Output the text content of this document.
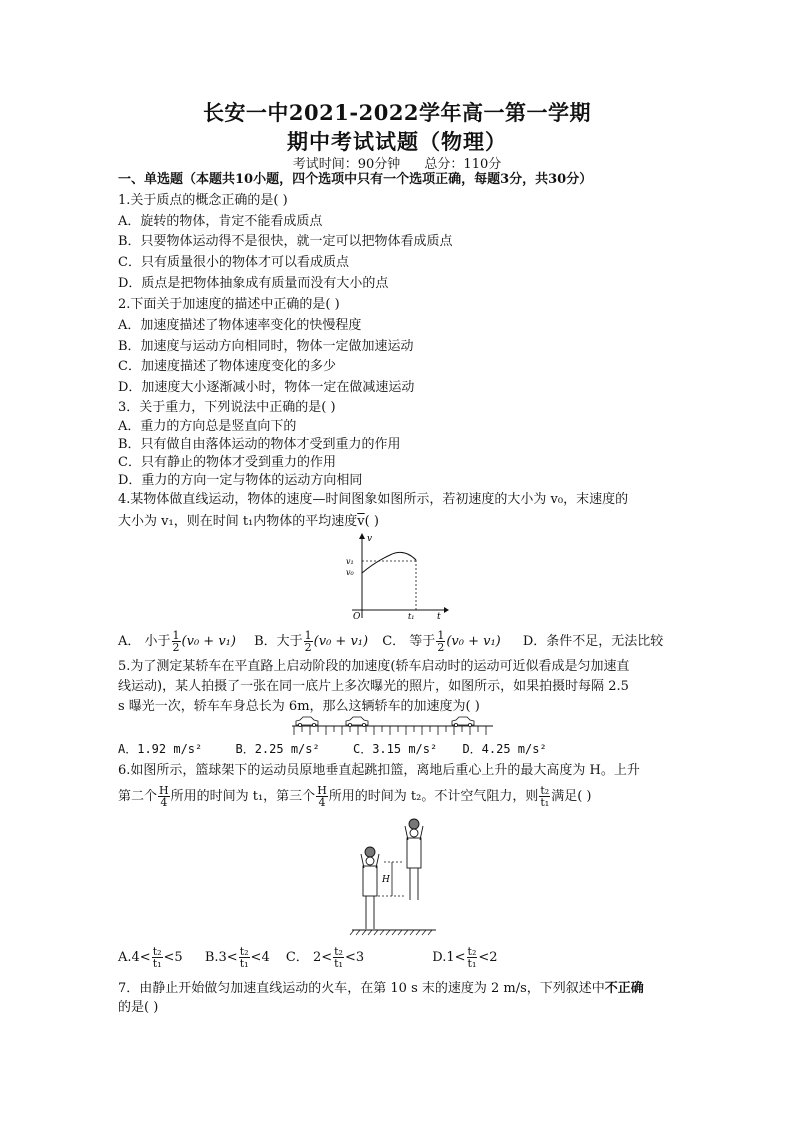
长安一中2021-2022学年高一第一学期
期中考试试题（物理）
考试时间：90分钟 总分：110分
一、单选题（本题共10小题，四个选项中只有一个选项正确，每题3分，共30分）
1.关于质点的概念正确的是( )
A．旋转的物体，肯定不能看成质点
B．只要物体运动得不是很快，就一定可以把物体看成质点
C．只有质量很小的物体才可以看成质点
D．质点是把物体抽象成有质量而没有大小的点
2.下面关于加速度的描述中正确的是( )
A．加速度描述了物体速率变化的快慢程度
B．加速度与运动方向相同时，物体一定做加速运动
C．加速度描述了物体速度变化的多少
D．加速度大小逐渐减小时，物体一定在做减速运动
3．关于重力，下列说法中正确的是( )
A．重力的方向总是竖直向下的
B．只有做自由落体运动的物体才受到重力的作用
C．只有静止的物体才受到重力的作用
D．重力的方向一定与物体的运动方向相同
4.某物体做直线运动，物体的速度—时间图象如图所示，若初速度的大小为 v₀，末速度的
大小为 v₁，则在时间 t₁内物体的平均速度$\overline{v}$( )
v
t
O
v₁
v₀
t₁
A． 小于 $\frac{1}{2} (v_0 + v_1)$ B．大于 $\frac{1}{2} (v_0 + v_1)$ C． 等于 $\frac{1}{2} (v_0 + v_1)$ D．条件不足，无法比较
5.为了测定某轿车在平直路上启动阶段的加速度(轿车启动时的运动可近似看成是匀加速直
线运动)，某人拍摄了一张在同一底片上多次曝光的照片，如图所示，如果拍摄时每隔 2.5
s 曝光一次，轿车车身总长为 6m，那么这辆轿车的加速度为( )
A．1.92 m/s²	B．2.25 m/s²	C．3.15 m/s² D．4.25 m/s²
6.如图所示，篮球架下的运动员原地垂直起跳扣篮，离地后重心上升的最大高度为 H。上升
第二个 $\frac{H}{4}$ 所用的时间为 t₁，第三个 $\frac{H}{4}$ 所用的时间为 t₂。不计空气阻力，则 $\frac{\text{t₂}}{\text{t₁}}$ 满足( )
H
$A.4< \frac{\text{t₂}}{\text{t₁}} <5$ $B.3< \frac{\text{t₂}}{\text{t₁}} <4$ C． $2< \frac{\text{t₂}}{\text{t₁}} <3$	$D.1< \frac{\text{t₂}}{\text{t₁}} <2$
7．由静止开始做匀加速直线运动的火车，在第 10 s 末的速度为 2 m/s，下列叙述中不正确
的是( )
